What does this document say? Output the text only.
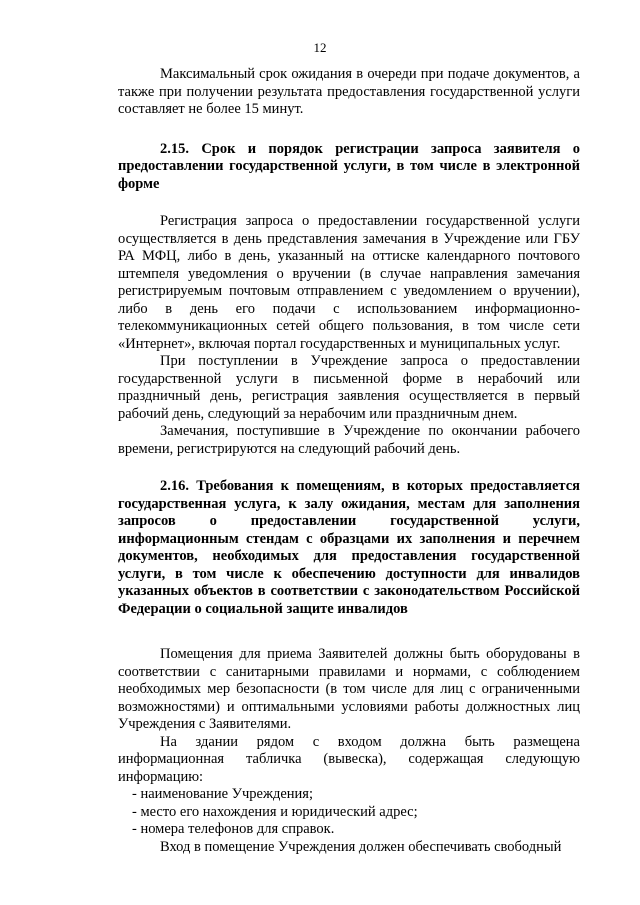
12

Максимальный срок ожидания в очереди при подаче документов, а также при получении результата предоставления государственной услуги составляет не более 15 минут.

2.15. Срок и порядок регистрации запроса заявителя о предоставлении государственной услуги, в том числе в электронной форме

Регистрация запроса о предоставлении государственной услуги осуществляется в день представления замечания в Учреждение или ГБУ РА МФЦ, либо в день, указанный на оттиске календарного почтового штемпеля уведомления о вручении (в случае направления замечания регистрируемым почтовым отправлением с уведомлением о вручении), либо в день его подачи с использованием информационно-телекоммуникационных сетей общего пользования, в том числе сети «Интернет», включая портал государственных и муниципальных услуг.

При поступлении в Учреждение запроса о предоставлении государственной услуги в письменной форме в нерабочий или праздничный день, регистрация заявления осуществляется в первый рабочий день, следующий за нерабочим или праздничным днем.

Замечания, поступившие в Учреждение по окончании рабочего времени, регистрируются на следующий рабочий день.

2.16. Требования к помещениям, в которых предоставляется государственная услуга, к залу ожидания, местам для заполнения запросов о предоставлении государственной услуги, информационным стендам с образцами их заполнения и перечнем документов, необходимых для предоставления государственной услуги, в том числе к обеспечению доступности для инвалидов указанных объектов в соответствии с законодательством Российской Федерации о социальной защите инвалидов

Помещения для приема Заявителей должны быть оборудованы в соответствии с санитарными правилами и нормами, с соблюдением необходимых мер безопасности (в том числе для лиц с ограниченными возможностями) и оптимальными условиями работы должностных лиц Учреждения с Заявителями.

На здании рядом с входом должна быть размещена информационная табличка (вывеска), содержащая следующую информацию:

- наименование Учреждения;
- место его нахождения и юридический адрес;
- номера телефонов для справок.

Вход в помещение Учреждения должен обеспечивать свободный
